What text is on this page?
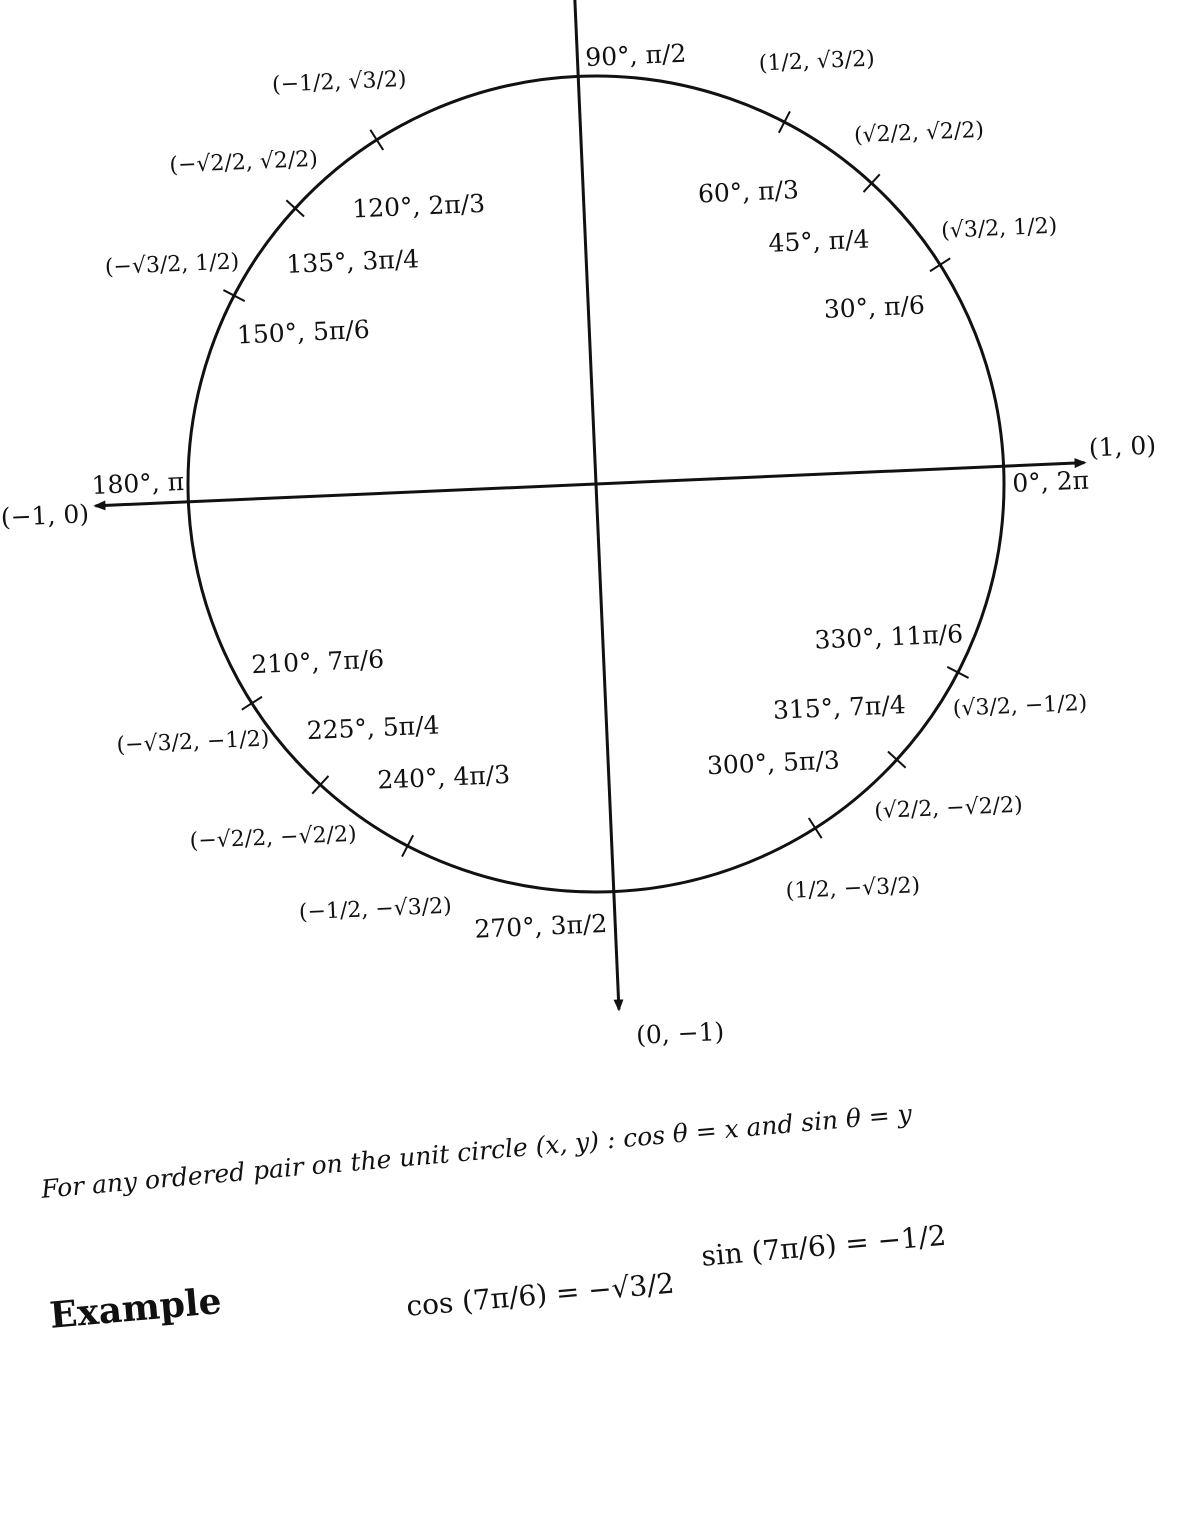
0°, 2π
30°, π/6
45°, π/4
60°, π/3
90°, π/2
120°, 2π/3
135°, 3π/4
150°, 5π/6
180°, π
210°, 7π/6
225°, 5π/4
240°, 4π/3
270°, 3π/2
300°, 5π/3
315°, 7π/4
330°, 11π/6
(√3/2, 1/2)
(√2/2, √2/2)
(1/2, √3/2)
(−1/2, √3/2)
(−√2/2, √2/2)
(−√3/2, 1/2)
(−√3/2, −1/2)
(−√2/2, −√2/2)
(−1/2, −√3/2)
(1/2, −√3/2)
(√2/2, −√2/2)
(√3/2, −1/2)
(1, 0)
(−1, 0)
(0, −1)
For any ordered pair on the unit circle (x, y) : cos θ = x and sin θ = y
Example	cos (7π/6) = −√3/2
sin (7π/6) = −1/2
